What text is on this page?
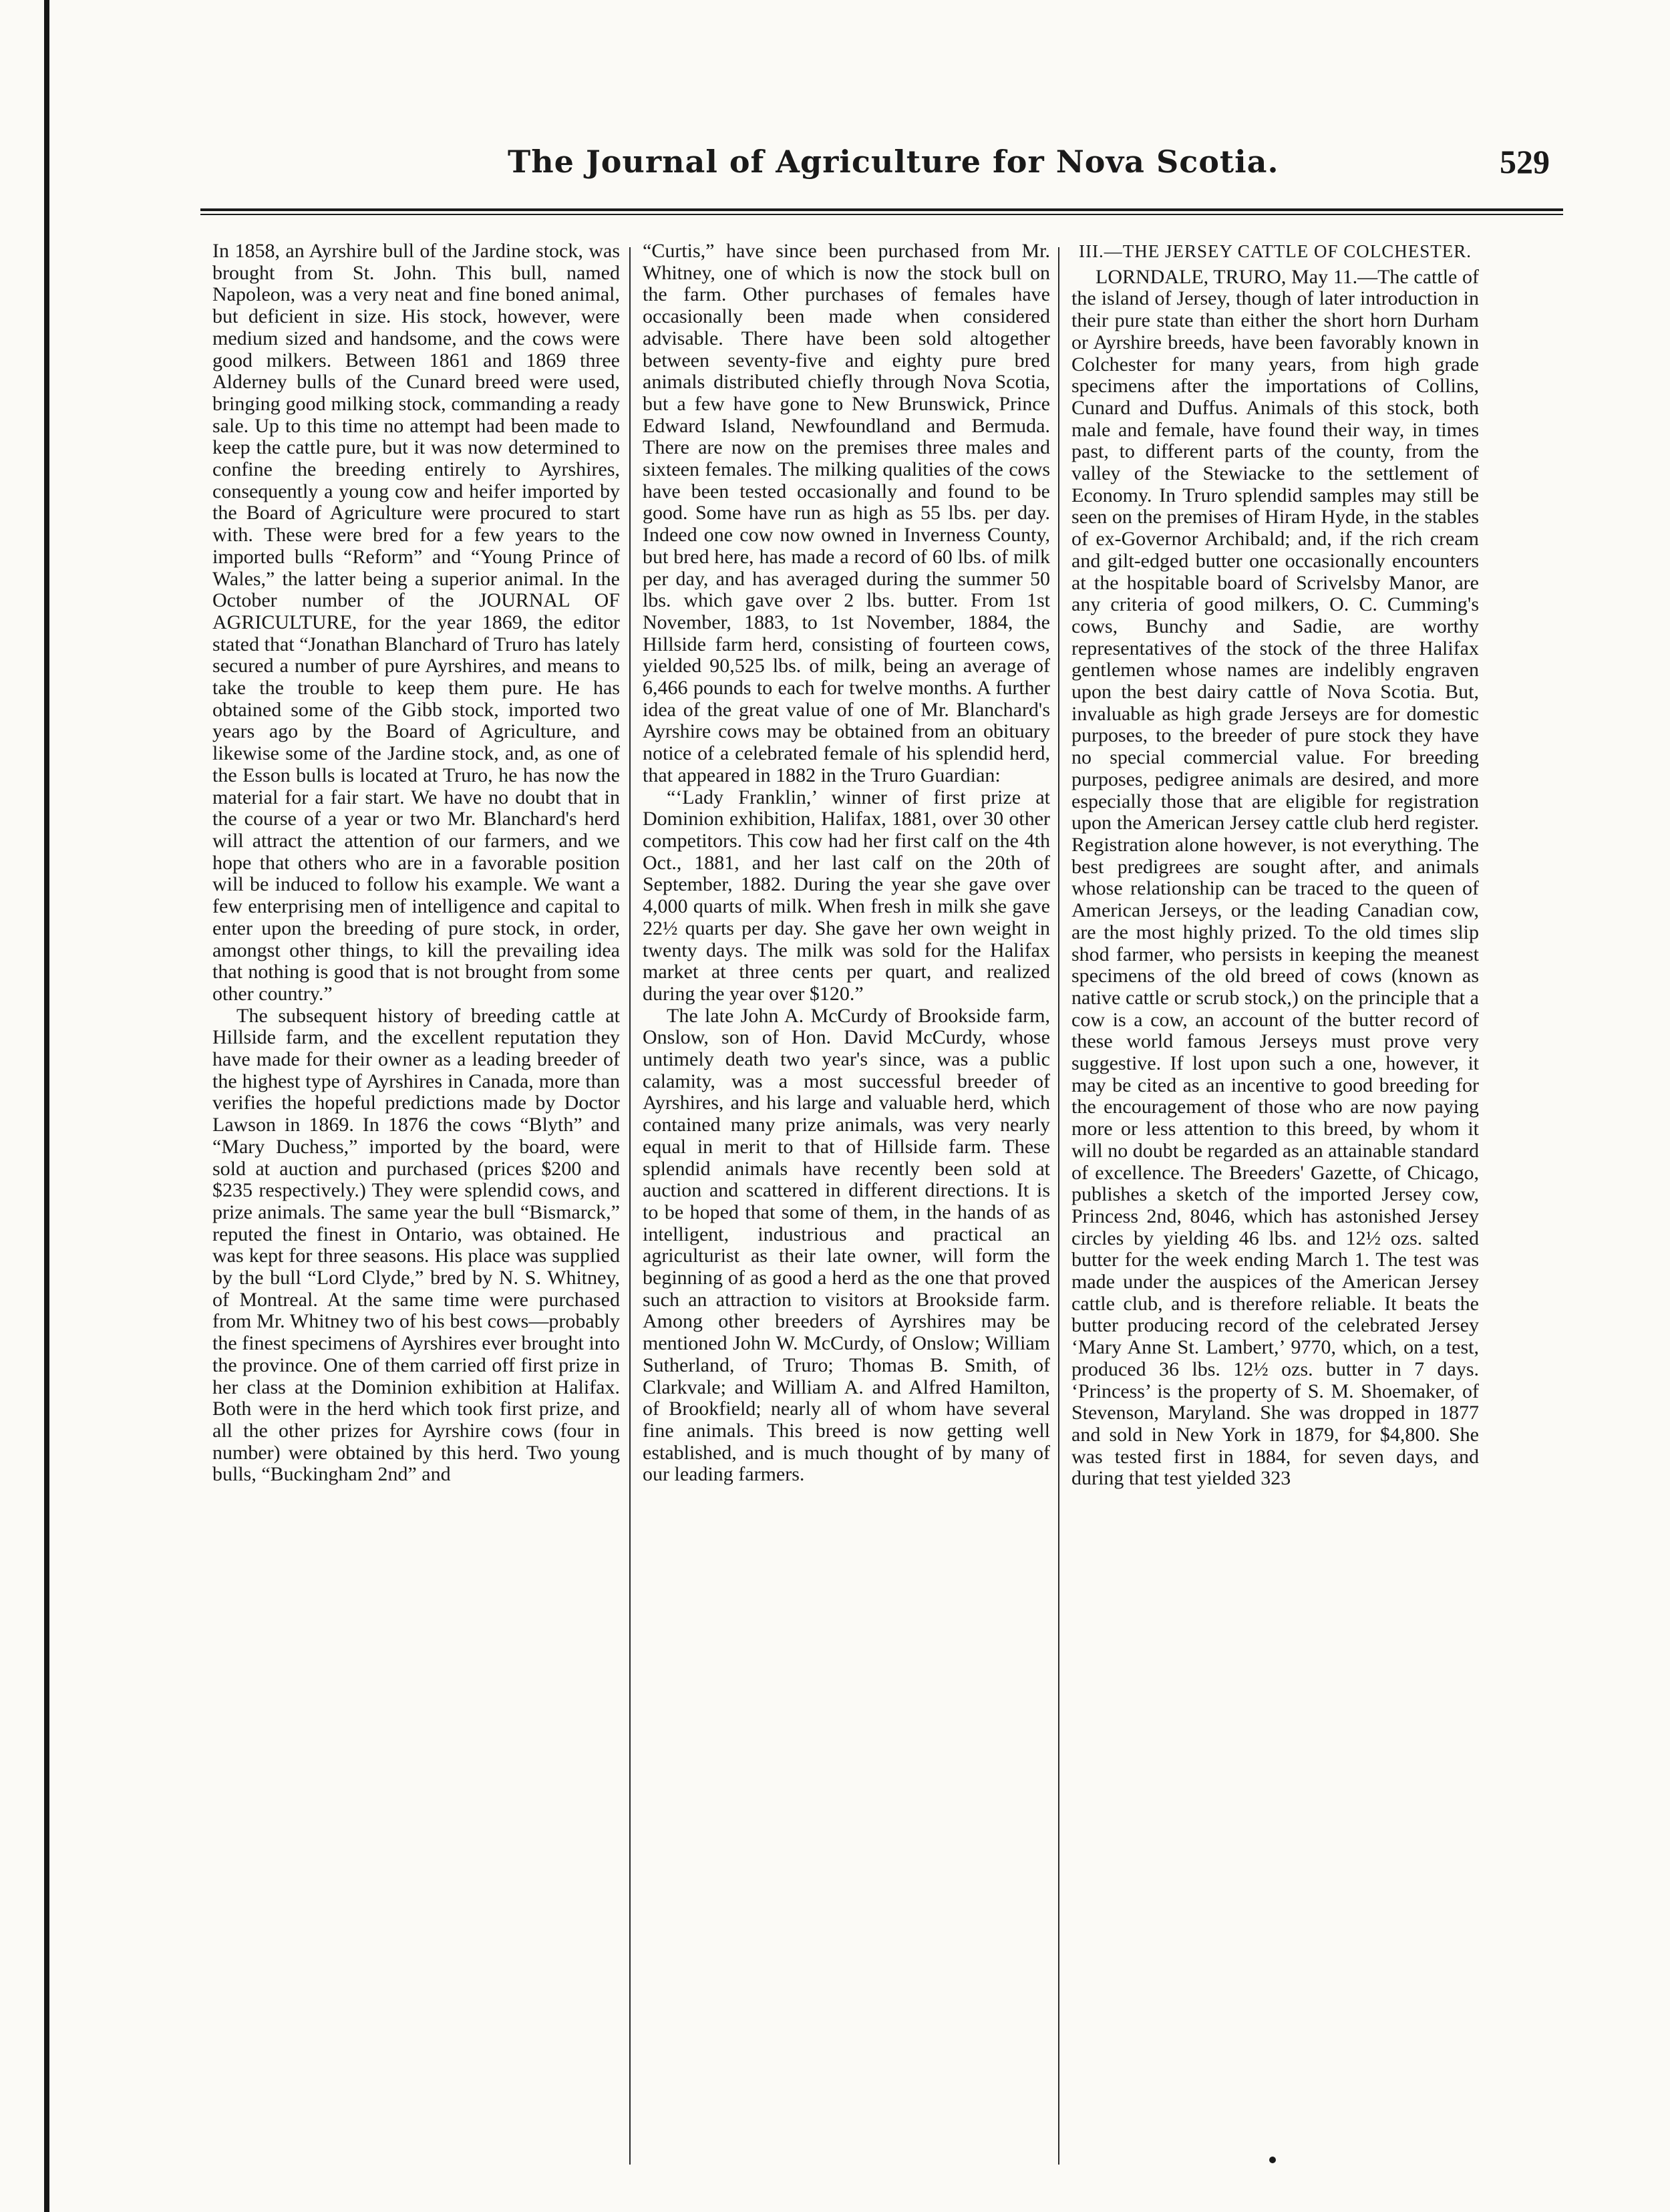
The Journal of Agriculture for Nova Scotia.	529

In 1858, an Ayrshire bull of the Jardine stock, was brought from St. John. This bull, named Napoleon, was a very neat and fine boned animal, but deficient in size. His stock, however, were medium sized and handsome, and the cows were good milkers. Between 1861 and 1869 three Alderney bulls of the Cunard breed were used, bringing good milking stock, commanding a ready sale. Up to this time no attempt had been made to keep the cattle pure, but it was now determined to confine the breeding entirely to Ayrshires, consequently a young cow and heifer imported by the Board of Agriculture were procured to start with. These were bred for a few years to the imported bulls “Reform” and “Young Prince of Wales,” the latter being a superior animal. In the October number of the JOURNAL OF AGRICULTURE, for the year 1869, the editor stated that “Jonathan Blanchard of Truro has lately secured a number of pure Ayrshires, and means to take the trouble to keep them pure. He has obtained some of the Gibb stock, imported two years ago by the Board of Agriculture, and likewise some of the Jardine stock, and, as one of the Esson bulls is located at Truro, he has now the material for a fair start. We have no doubt that in the course of a year or two Mr. Blanchard's herd will attract the attention of our farmers, and we hope that others who are in a favorable position will be induced to follow his example. We want a few enterprising men of intelligence and capital to enter upon the breeding of pure stock, in order, amongst other things, to kill the prevailing idea that nothing is good that is not brought from some other country.”

The subsequent history of breeding cattle at Hillside farm, and the excellent reputation they have made for their owner as a leading breeder of the highest type of Ayrshires in Canada, more than verifies the hopeful predictions made by Doctor Lawson in 1869. In 1876 the cows “Blyth” and “Mary Duchess,” imported by the board, were sold at auction and purchased (prices $200 and $235 respectively.) They were splendid cows, and prize animals. The same year the bull “Bismarck,” reputed the finest in Ontario, was obtained. He was kept for three seasons. His place was supplied by the bull “Lord Clyde,” bred by N. S. Whitney, of Montreal. At the same time were purchased from Mr. Whitney two of his best cows—probably the finest specimens of Ayrshires ever brought into the province. One of them carried off first prize in her class at the Dominion exhibition at Halifax. Both were in the herd which took first prize, and all the other prizes for Ayrshire cows (four in number) were obtained by this herd. Two young bulls, “Buckingham 2nd” and

“Curtis,” have since been purchased from Mr. Whitney, one of which is now the stock bull on the farm. Other purchases of females have occasionally been made when considered advisable. There have been sold altogether between seventy-five and eighty pure bred animals distributed chiefly through Nova Scotia, but a few have gone to New Brunswick, Prince Edward Island, Newfoundland and Bermuda. There are now on the premises three males and sixteen females. The milking qualities of the cows have been tested occasionally and found to be good. Some have run as high as 55 lbs. per day. Indeed one cow now owned in Inverness County, but bred here, has made a record of 60 lbs. of milk per day, and has averaged during the summer 50 lbs. which gave over 2 lbs. butter. From 1st November, 1883, to 1st November, 1884, the Hillside farm herd, consisting of fourteen cows, yielded 90,525 lbs. of milk, being an average of 6,466 pounds to each for twelve months. A further idea of the great value of one of Mr. Blanchard's Ayrshire cows may be obtained from an obituary notice of a celebrated female of his splendid herd, that appeared in 1882 in the Truro Guardian:

“‘Lady Franklin,’ winner of first prize at Dominion exhibition, Halifax, 1881, over 30 other competitors. This cow had her first calf on the 4th Oct., 1881, and her last calf on the 20th of September, 1882. During the year she gave over 4,000 quarts of milk. When fresh in milk she gave 22½ quarts per day. She gave her own weight in twenty days. The milk was sold for the Halifax market at three cents per quart, and realized during the year over $120.”

The late John A. McCurdy of Brookside farm, Onslow, son of Hon. David McCurdy, whose untimely death two year's since, was a public calamity, was a most successful breeder of Ayrshires, and his large and valuable herd, which contained many prize animals, was very nearly equal in merit to that of Hillside farm. These splendid animals have recently been sold at auction and scattered in different directions. It is to be hoped that some of them, in the hands of as intelligent, industrious and practical an agriculturist as their late owner, will form the beginning of as good a herd as the one that proved such an attraction to visitors at Brookside farm. Among other breeders of Ayrshires may be mentioned John W. McCurdy, of Onslow; William Sutherland, of Truro; Thomas B. Smith, of Clarkvale; and William A. and Alfred Hamilton, of Brookfield; nearly all of whom have several fine animals. This breed is now getting well established, and is much thought of by many of our leading farmers.

III.—THE JERSEY CATTLE OF COLCHESTER.

LORNDALE, TRURO, May 11.—The cattle of the island of Jersey, though of later introduction in their pure state than either the short horn Durham or Ayrshire breeds, have been favorably known in Colchester for many years, from high grade specimens after the importations of Collins, Cunard and Duffus. Animals of this stock, both male and female, have found their way, in times past, to different parts of the county, from the valley of the Stewiacke to the settlement of Economy. In Truro splendid samples may still be seen on the premises of Hiram Hyde, in the stables of ex-Governor Archibald; and, if the rich cream and gilt-edged butter one occasionally encounters at the hospitable board of Scrivelsby Manor, are any criteria of good milkers, O. C. Cumming's cows, Bunchy and Sadie, are worthy representatives of the stock of the three Halifax gentlemen whose names are indelibly engraven upon the best dairy cattle of Nova Scotia. But, invaluable as high grade Jerseys are for domestic purposes, to the breeder of pure stock they have no special commercial value. For breeding purposes, pedigree animals are desired, and more especially those that are eligible for registration upon the American Jersey cattle club herd register. Registration alone however, is not everything. The best predigrees are sought after, and animals whose relationship can be traced to the queen of American Jerseys, or the leading Canadian cow, are the most highly prized. To the old times slip shod farmer, who persists in keeping the meanest specimens of the old breed of cows (known as native cattle or scrub stock,) on the principle that a cow is a cow, an account of the butter record of these world famous Jerseys must prove very suggestive. If lost upon such a one, however, it may be cited as an incentive to good breeding for the encouragement of those who are now paying more or less attention to this breed, by whom it will no doubt be regarded as an attainable standard of excellence. The Breeders' Gazette, of Chicago, publishes a sketch of the imported Jersey cow, Princess 2nd, 8046, which has astonished Jersey circles by yielding 46 lbs. and 12½ ozs. salted butter for the week ending March 1. The test was made under the auspices of the American Jersey cattle club, and is therefore reliable. It beats the butter producing record of the celebrated Jersey ‘Mary Anne St. Lambert,’ 9770, which, on a test, produced 36 lbs. 12½ ozs. butter in 7 days. ‘Princess’ is the property of S. M. Shoemaker, of Stevenson, Maryland. She was dropped in 1877 and sold in New York in 1879, for $4,800. She was tested first in 1884, for seven days, and during that test yielded 323
